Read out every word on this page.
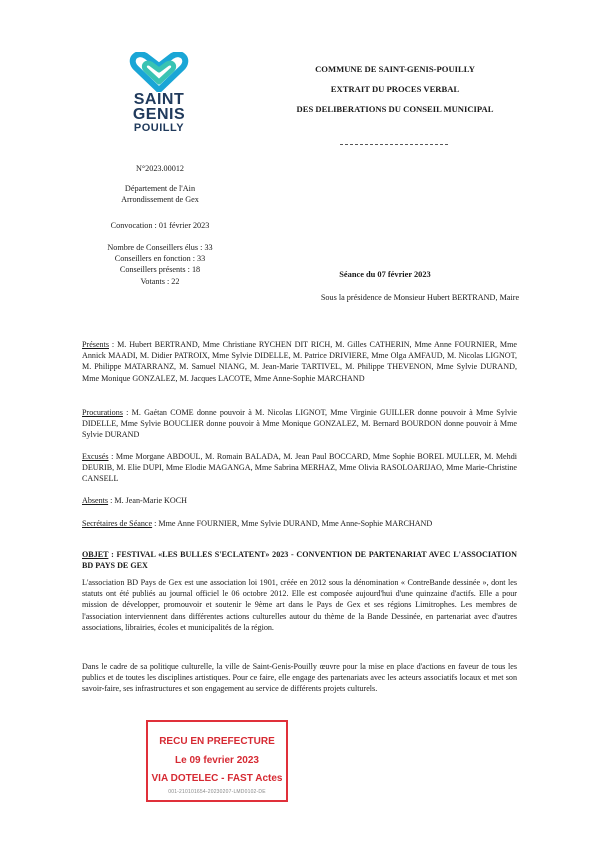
SAINT
GENIS
POUILLY
COMMUNE DE SAINT-GENIS-POUILLY
EXTRAIT DU PROCES VERBAL
DES DELIBERATIONS DU CONSEIL MUNICIPAL
N°2023.00012
Département de l'Ain
Arrondissement de Gex
Convocation : 01 février 2023
Nombre de Conseillers élus : 33
Conseillers en fonction : 33
Conseillers présents : 18
Votants : 22
Séance du 07 février 2023
Sous la présidence de Monsieur Hubert BERTRAND, Maire
Présents : M. Hubert BERTRAND, Mme Christiane RYCHEN DIT RICH, M. Gilles CATHERIN, Mme Anne FOURNIER, Mme Annick MAADI, M. Didier PATROIX, Mme Sylvie DIDELLE, M. Patrice DRIVIERE, Mme Olga AMFAUD, M. Nicolas LIGNOT, M. Philippe MATARRANZ, M. Samuel NIANG, M. Jean-Marie TARTIVEL, M. Philippe THEVENON, Mme Sylvie DURAND, Mme Monique GONZALEZ, M. Jacques LACOTE, Mme Anne-Sophie MARCHAND
Procurations : M. Gaétan COME donne pouvoir à M. Nicolas LIGNOT, Mme Virginie GUILLER donne pouvoir à Mme Sylvie DIDELLE, Mme Sylvie BOUCLIER donne pouvoir à Mme Monique GONZALEZ, M. Bernard BOURDON donne pouvoir à Mme Sylvie DURAND
Excusés : Mme Morgane ABDOUL, M. Romain BALADA, M. Jean Paul BOCCARD, Mme Sophie BOREL MULLER, M. Mehdi DEURIB, M. Elie DUPI, Mme Elodie MAGANGA, Mme Sabrina MERHAZ, Mme Olivia RASOLOARIJAO, Mme Marie-Christine CANSELL
Absents : M. Jean-Marie KOCH
Secrétaires de Séance : Mme Anne FOURNIER, Mme Sylvie DURAND, Mme Anne-Sophie MARCHAND
OBJET : FESTIVAL «LES BULLES S'ECLATENT» 2023 - CONVENTION DE PARTENARIAT AVEC L'ASSOCIATION BD PAYS DE GEX
L'association BD Pays de Gex est une association loi 1901, créée en 2012 sous la dénomination « ContreBande dessinée », dont les statuts ont été publiés au journal officiel le 06 octobre 2012. Elle est composée aujourd'hui d'une quinzaine d'actifs. Elle a pour mission de développer, promouvoir et soutenir le 9ème art dans le Pays de Gex et ses régions Limitrophes. Les membres de l'association interviennent dans différentes actions culturelles autour du thème de la Bande Dessinée, en partenariat avec d'autres associations, librairies, écoles et municipalités de la région.
Dans le cadre de sa politique culturelle, la ville de Saint-Genis-Pouilly œuvre pour la mise en place d'actions en faveur de tous les publics et de toutes les disciplines artistiques. Pour ce faire, elle engage des partenariats avec les acteurs associatifs locaux et met son savoir-faire, ses infrastructures et son engagement au service de différents projets culturels.
RECU EN PREFECTURE
Le 09 fevrier 2023
VIA DOTELEC - FAST Actes
001-210101654-20230207-LMD0102-DE
